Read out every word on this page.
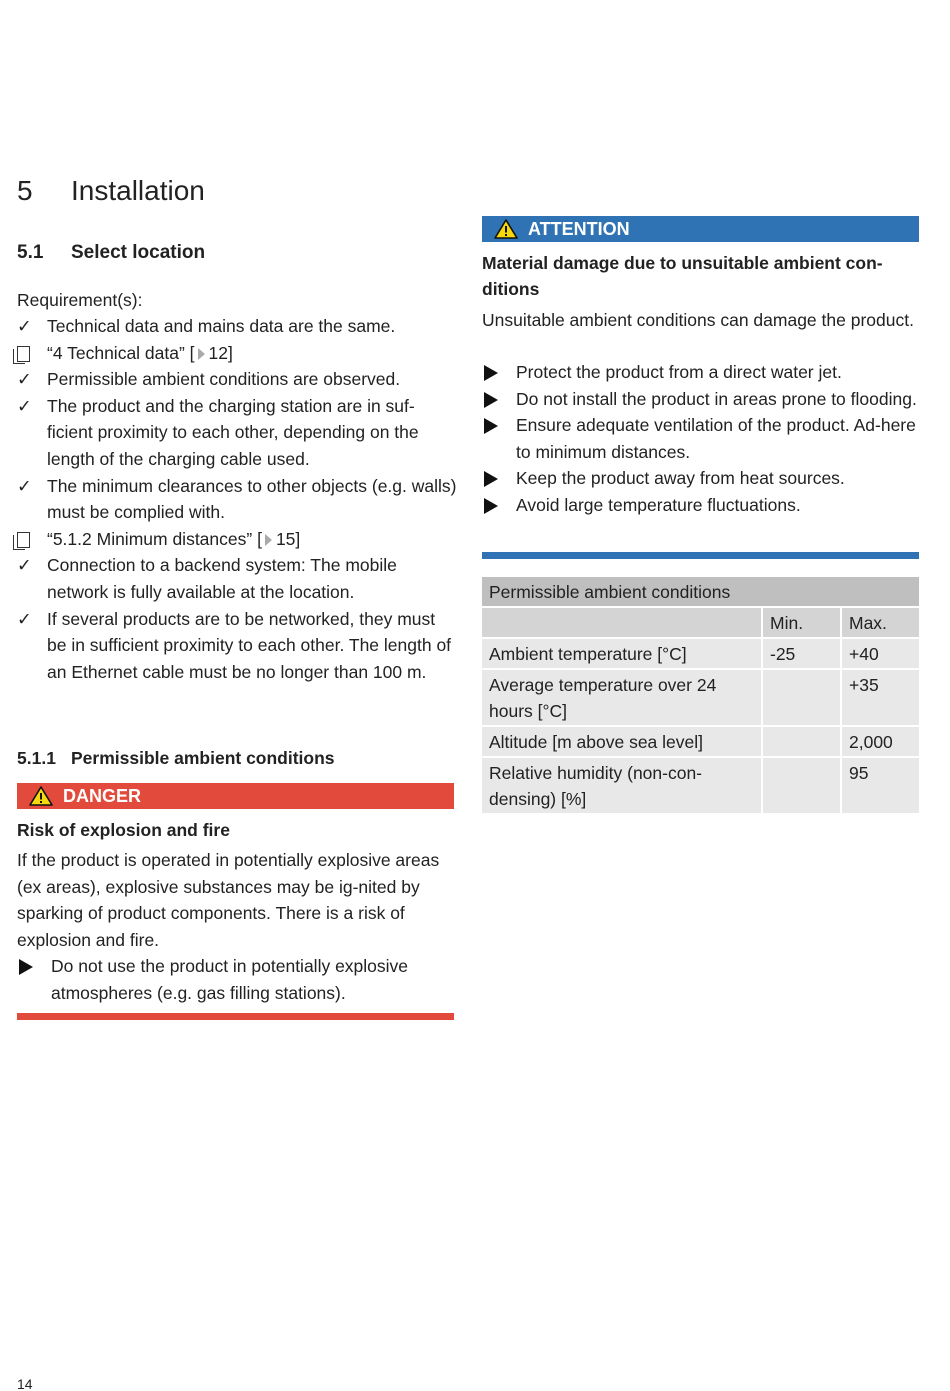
5 Installation
5.1 Select location
Requirement(s):
✓ Technical data and mains data are the same.
“4 Technical data” [ 12]
✓ Permissible ambient conditions are observed.
✓ The product and the charging station are in suf-ficient proximity to each other, depending on the length of the charging cable used.
✓ The minimum clearances to other objects (e.g. walls) must be complied with.
“5.1.2 Minimum distances” [ 15]
✓ Connection to a backend system: The mobile network is fully available at the location.
✓ If several products are to be networked, they must be in sufficient proximity to each other. The length of an Ethernet cable must be no longer than 100 m.
5.1.1 Permissible ambient conditions
DANGER
Risk of explosion and fire
If the product is operated in potentially explosive areas (ex areas), explosive substances may be ig-nited by sparking of product components. There is a risk of explosion and fire.
Do not use the product in potentially explosive atmospheres (e.g. gas filling stations).
ATTENTION
Material damage due to unsuitable ambient con-ditions
Unsuitable ambient conditions can damage the product.
Protect the product from a direct water jet.
Do not install the product in areas prone to flooding.
Ensure adequate ventilation of the product. Ad-here to minimum distances.
Keep the product away from heat sources.
Avoid large temperature fluctuations.
Permissible ambient conditions		
	Min.	Max.
Ambient temperature [°C]	-25	+40
Average temperature over 24 hours [°C]		+35
Altitude [m above sea level]		2,000
Relative humidity (non-con-densing) [%]		95
14
